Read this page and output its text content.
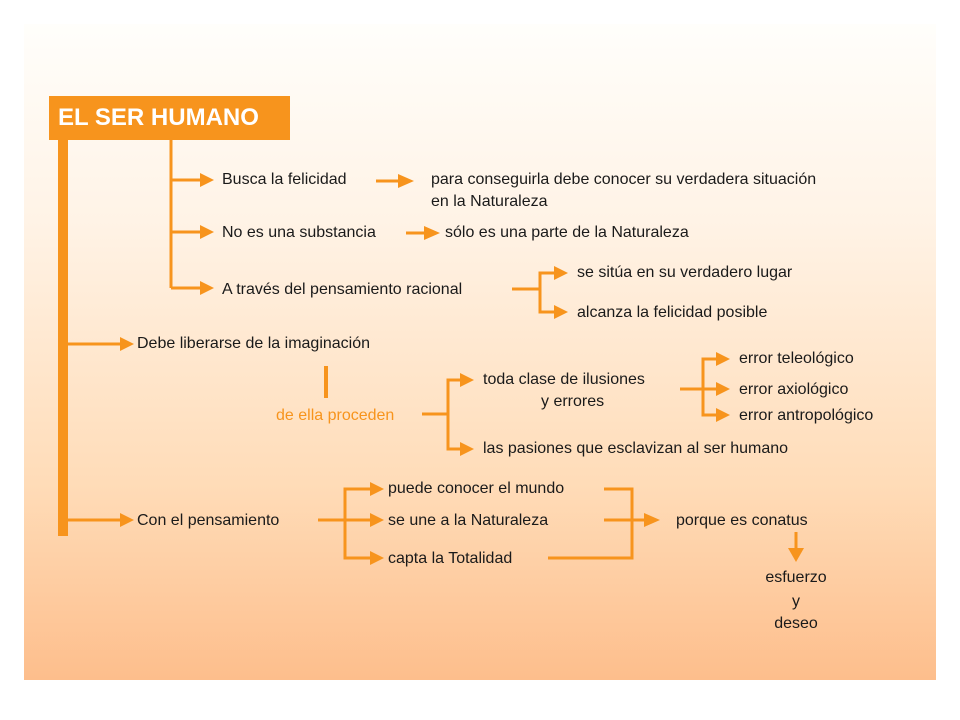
EL SER HUMANO

Busca la felicidad	para conseguirla debe conocer su verdadera situación

en la Naturaleza

No es una substancia	sólo es una parte de la Naturaleza

A través del pensamiento racional

se sitúa en su verdadero lugar

alcanza la felicidad posible

Debe liberarse de la imaginación

de ella proceden

toda clase de ilusiones

y errores

error teleológico

error axiológico

error antropológico

las pasiones que esclavizan al ser humano

Con el pensamiento

puede conocer el mundo

se une a la Naturaleza

capta la Totalidad

porque es conatus

esfuerzo

y

deseo
